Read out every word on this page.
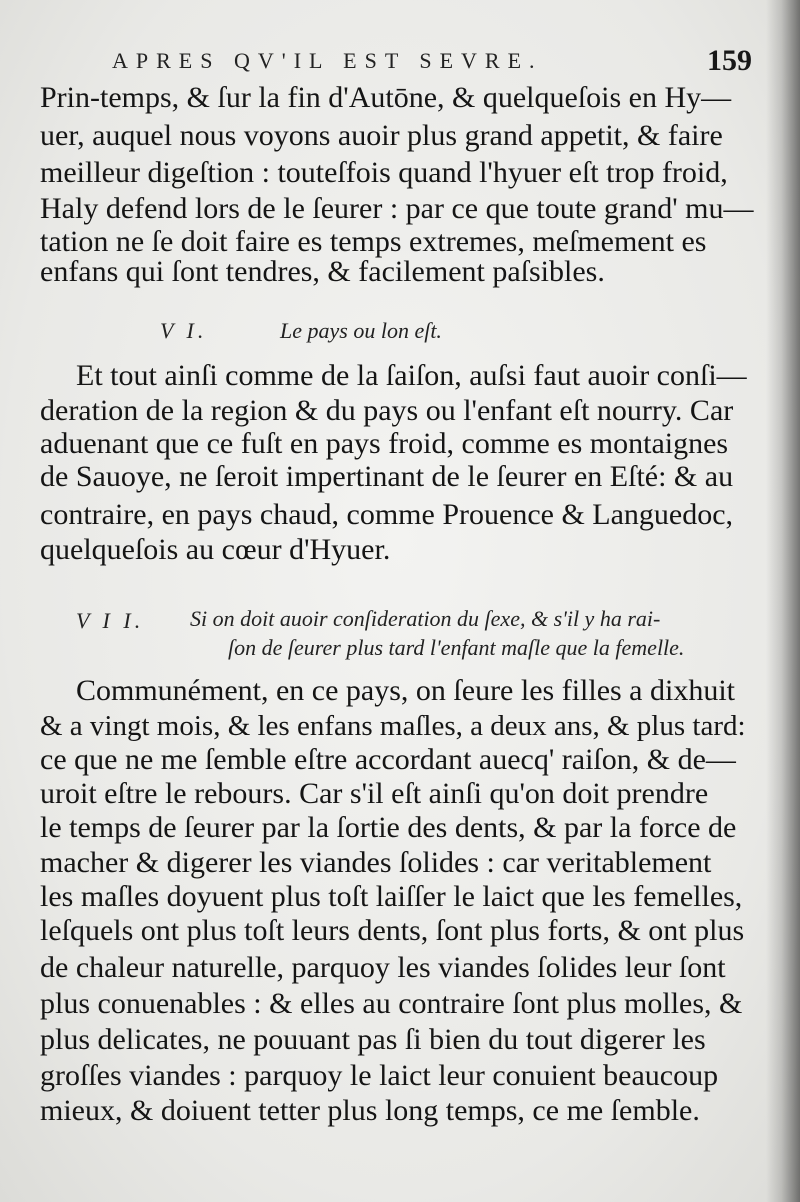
APRES QV'IL EST SEVRE.	159
Prin-temps, & ſur la fin d'Autōne, & quelqueſois en Hy—
uer, auquel nous voyons auoir plus grand appetit, & faire
meilleur digeſtion : touteſfois quand l'hyuer eſt trop froid,
Haly defend lors de le ſeurer : par ce que toute grand' mu—
tation ne ſe doit faire es temps extremes, meſmement es
enfans qui ſont tendres, & facilement paſsibles.
V I.	Le pays ou lon eſt.
Et tout ainſi comme de la ſaiſon, auſsi faut auoir conſi—
deration de la region & du pays ou l'enfant eſt nourry. Car
aduenant que ce fuſt en pays froid, comme es montaignes
de Sauoye, ne ſeroit impertinant de le ſeurer en Eſté: & au
contraire, en pays chaud, comme Prouence & Languedoc,
quelqueſois au cœur d'Hyuer.
V I I. Si on doit auoir conſideration du ſexe, & s'il y ha rai-
ſon de ſeurer plus tard l'enfant maſle que la femelle.
Communément, en ce pays, on ſeure les filles a dixhuit
& a vingt mois, & les enfans maſles, a deux ans, & plus tard:
ce que ne me ſemble eſtre accordant auecq' raiſon, & de—
uroit eſtre le rebours. Car s'il eſt ainſi qu'on doit prendre
le temps de ſeurer par la ſortie des dents, & par la force de
macher & digerer les viandes ſolides : car veritablement
les maſles doyuent plus toſt laiſſer le laict que les femelles,
leſquels ont plus toſt leurs dents, ſont plus forts, & ont plus
de chaleur naturelle, parquoy les viandes ſolides leur ſont
plus conuenables : & elles au contraire ſont plus molles, &
plus delicates, ne pouuant pas ſi bien du tout digerer les
groſſes viandes : parquoy le laict leur conuient beaucoup
mieux, & doiuent tetter plus long temps, ce me ſemble.
